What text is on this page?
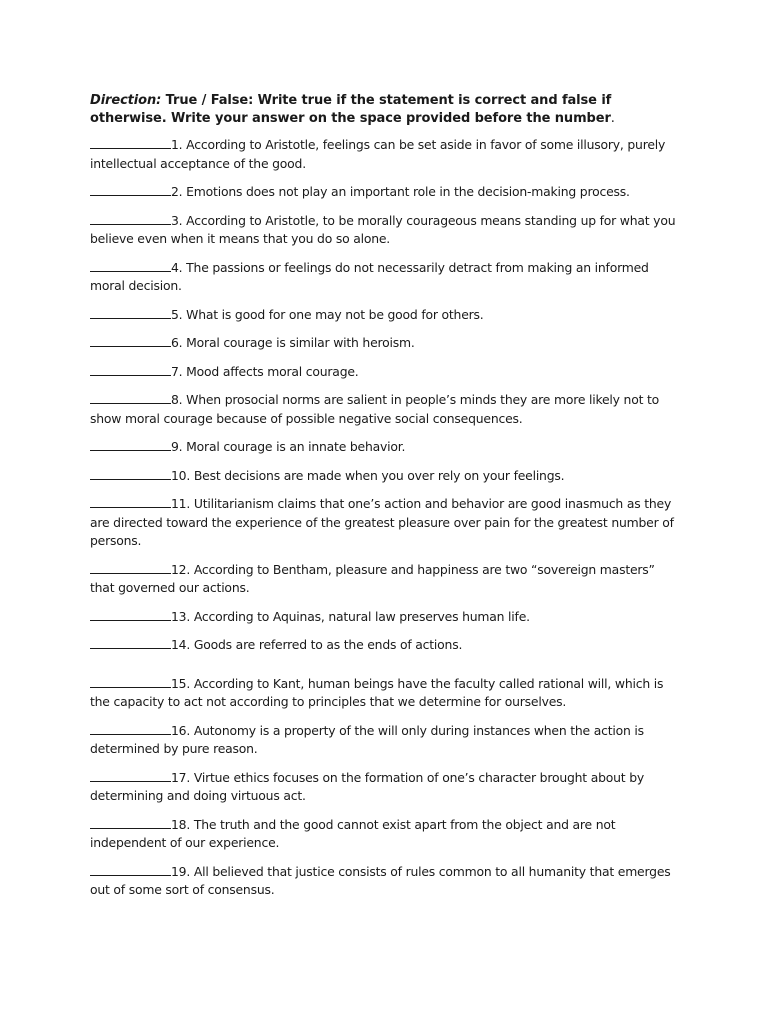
Direction: True / False: Write true if the statement is correct and false if otherwise. Write your answer on the space provided before the number.

1. According to Aristotle, feelings can be set aside in favor of some illusory, purely intellectual acceptance of the good.
2. Emotions does not play an important role in the decision-making process.
3. According to Aristotle, to be morally courageous means standing up for what you believe even when it means that you do so alone.
4. The passions or feelings do not necessarily detract from making an informed moral decision.
5. What is good for one may not be good for others.
6. Moral courage is similar with heroism.
7. Mood affects moral courage.
8. When prosocial norms are salient in people’s minds they are more likely not to show moral courage because of possible negative social consequences.
9. Moral courage is an innate behavior.
10. Best decisions are made when you over rely on your feelings.
11. Utilitarianism claims that one’s action and behavior are good inasmuch as they are directed toward the experience of the greatest pleasure over pain for the greatest number of persons.
12. According to Bentham, pleasure and happiness are two “sovereign masters” that governed our actions.
13. According to Aquinas, natural law preserves human life.
14. Goods are referred to as the ends of actions.
15. According to Kant, human beings have the faculty called rational will, which is the capacity to act not according to principles that we determine for ourselves.
16. Autonomy is a property of the will only during instances when the action is determined by pure reason.
17. Virtue ethics focuses on the formation of one’s character brought about by determining and doing virtuous act.
18. The truth and the good cannot exist apart from the object and are not independent of our experience.
19. All believed that justice consists of rules common to all humanity that emerges out of some sort of consensus.
